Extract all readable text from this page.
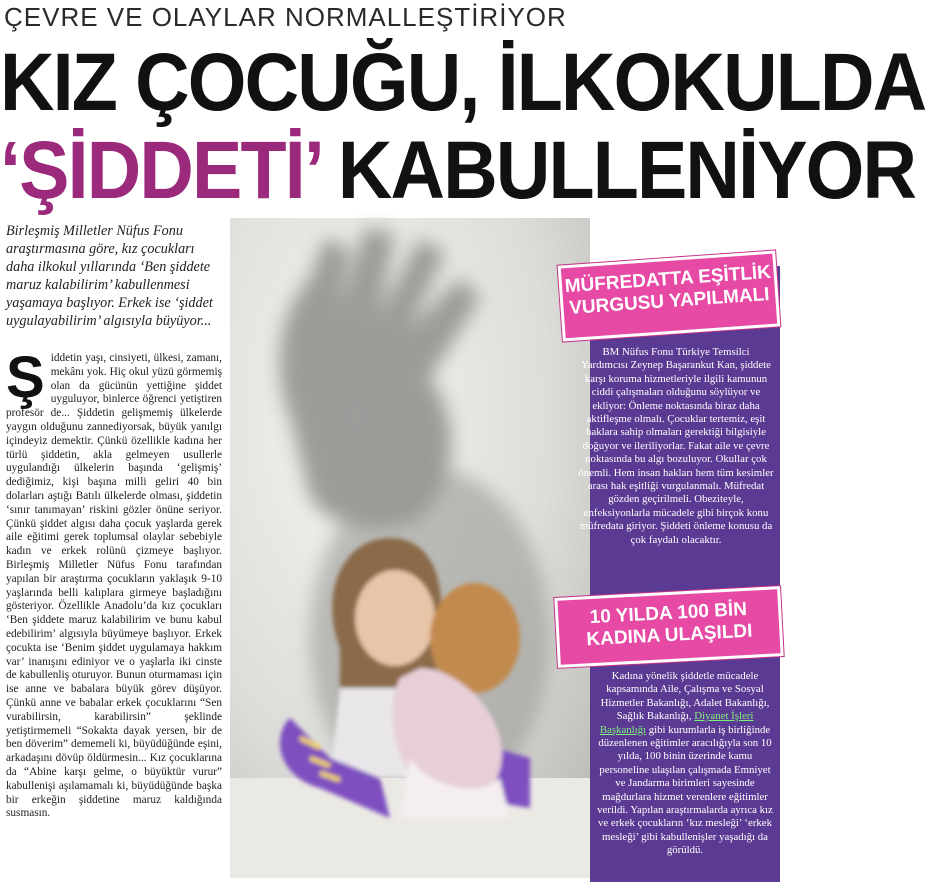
ÇEVRE VE OLAYLAR NORMALLEŞTİRİYOR
KIZ ÇOCUĞU, İLKOKULDA
‘ŞİDDETİ’ KABULLENİYOR
Birleşmiş Milletler Nüfus Fonu araştırmasına göre, kız çocukları daha ilkokul yıllarında ‘Ben şiddete maruz kalabilirim’ kabullenmesi yaşamaya başlıyor. Erkek ise ‘şiddet uygulayabilirim’ algısıyla büyüyor...
Şiddetin yaşı, cinsiyeti, ülkesi, zamanı, mekânı yok. Hiç okul yüzü görmemiş olan da gücünün yettiğine şiddet uyguluyor, binlerce öğrenci yetiştiren profesör de... Şiddetin gelişmemiş ülkelerde yaygın olduğunu zannediyorsak, büyük yanılgı içindeyiz demektir. Çünkü özellikle kadına her türlü şiddetin, akla gelmeyen usullerle uygulandığı ülkelerin başında ‘gelişmiş’ dediğimiz, kişi başına milli geliri 40 bin dolarları aştığı Batılı ülkelerde olması, şiddetin ‘sınır tanımayan’ riskini gözler önüne seriyor. Çünkü şiddet algısı daha çocuk yaşlarda gerek aile eğitimi gerek toplumsal olaylar sebebiyle kadın ve erkek rolünü çizmeye başlıyor. Birleşmiş Milletler Nüfus Fonu tarafından yapılan bir araştırma çocukların yaklaşık 9-10 yaşlarında belli kalıplara girmeye başladığını gösteriyor. Özellikle Anadolu’da kız çocukları ‘Ben şiddete maruz kalabilirim ve bunu kabul edebilirim’ algısıyla büyümeye başlıyor. Erkek çocukta ise ‘Benim şiddet uygulamaya hakkım var’ inanışını ediniyor ve o yaşlarla iki cinste de kabullenliş oturuyor. Bunun oturmaması için ise anne ve babalara büyük görev düşüyor. Çünkü anne ve babalar erkek çocuklarını “Sen vurabilirsin, karabilirsin” şeklinde yetiştirmemeli “Sokakta dayak yersen, bir de ben döverim” dememeli ki, büyüdüğünde eşini, arkadaşını dövüp öldürmesin... Kız çocuklarına da “Abine karşı gelme, o büyüktür vurur” kabullenişi aşılamamalı ki, büyüdüğünde başka bir erkeğin şiddetine maruz kaldığında susmasın.
MÜFREDATTA EŞİTLİK VURGUSU YAPILMALI
BM Nüfus Fonu Türkiye Temsilci Yardımcısı Zeynep Başarankut Kan, şiddete karşı koruma hizmetleriyle ilgili kamunun ciddi çalışmaları olduğunu söylüyor ve ekliyor: Önleme noktasında biraz daha aktifleşme olmalı. Çocuklar tertemiz, eşit haklara sahip olmaları gerektiği bilgisiyle doğuyor ve ileriliyorlar. Fakat aile ve çevre noktasında bu algı bozuluyor. Okullar çok önemli. Hem insan hakları hem tüm kesimler arası hak eşitliği vurgulanmalı. Müfredat gözden geçirilmeli. Obeziteyle, enfeksiyonlarla mücadele gibi birçok konu müfredata giriyor. Şiddeti önleme konusu da çok faydalı olacaktır.
10 YILDA 100 BİN KADINA ULAŞILDI
Kadına yönelik şiddetle mücadele kapsamında Aile, Çalışma ve Sosyal Hizmetler Bakanlığı, Adalet Bakanlığı, Sağlık Bakanlığı, Diyanet İşleri Başkanlığı gibi kurumlarla iş birliğinde düzenlenen eğitimler aracılığıyla son 10 yılda, 100 binin üzerinde kamu personeline ulaşılan çalışmada Emniyet ve Jandarma birimleri sayesinde mağdurlara hizmet verenlere eğitimler verildi. Yapılan araştırmalarda ayrıca kız ve erkek çocukların ‘kız mesleği’ ‘erkek mesleği’ gibi kabullenişler yaşadığı da görüldü.
